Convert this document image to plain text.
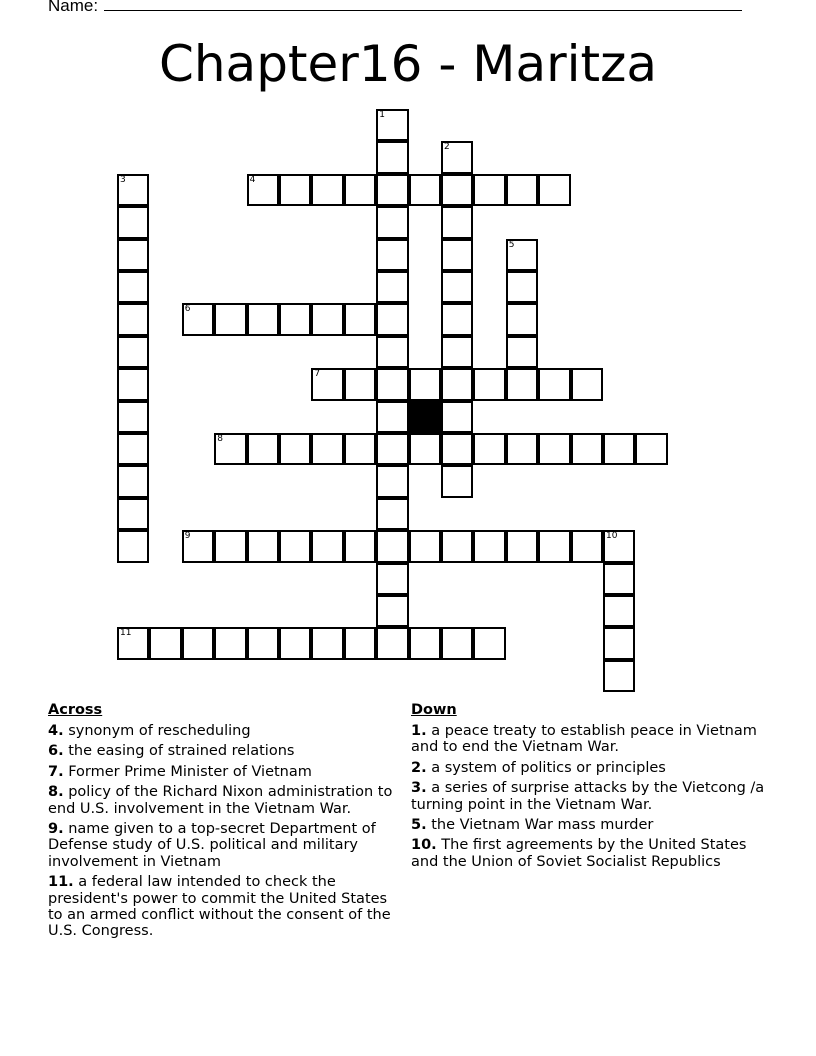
Name:
Chapter16 - Maritza
1
2
3	4
5
6
7
8
9	10
11
Across
4. synonym of rescheduling
6. the easing of strained relations
7. Former Prime Minister of Vietnam
8. policy of the Richard Nixon administration to end U.S. involvement in the Vietnam War.
9. name given to a top-secret Department of Defense study of U.S. political and military involvement in Vietnam
11. a federal law intended to check the president's power to commit the United States to an armed conflict without the consent of the U.S. Congress.
Down
1. a peace treaty to establish peace in Vietnam and to end the Vietnam War.
2. a system of politics or principles
3. a series of surprise attacks by the Vietcong /a turning point in the Vietnam War.
5. the Vietnam War mass murder
10. The first agreements by the United States and the Union of Soviet Socialist Republics
